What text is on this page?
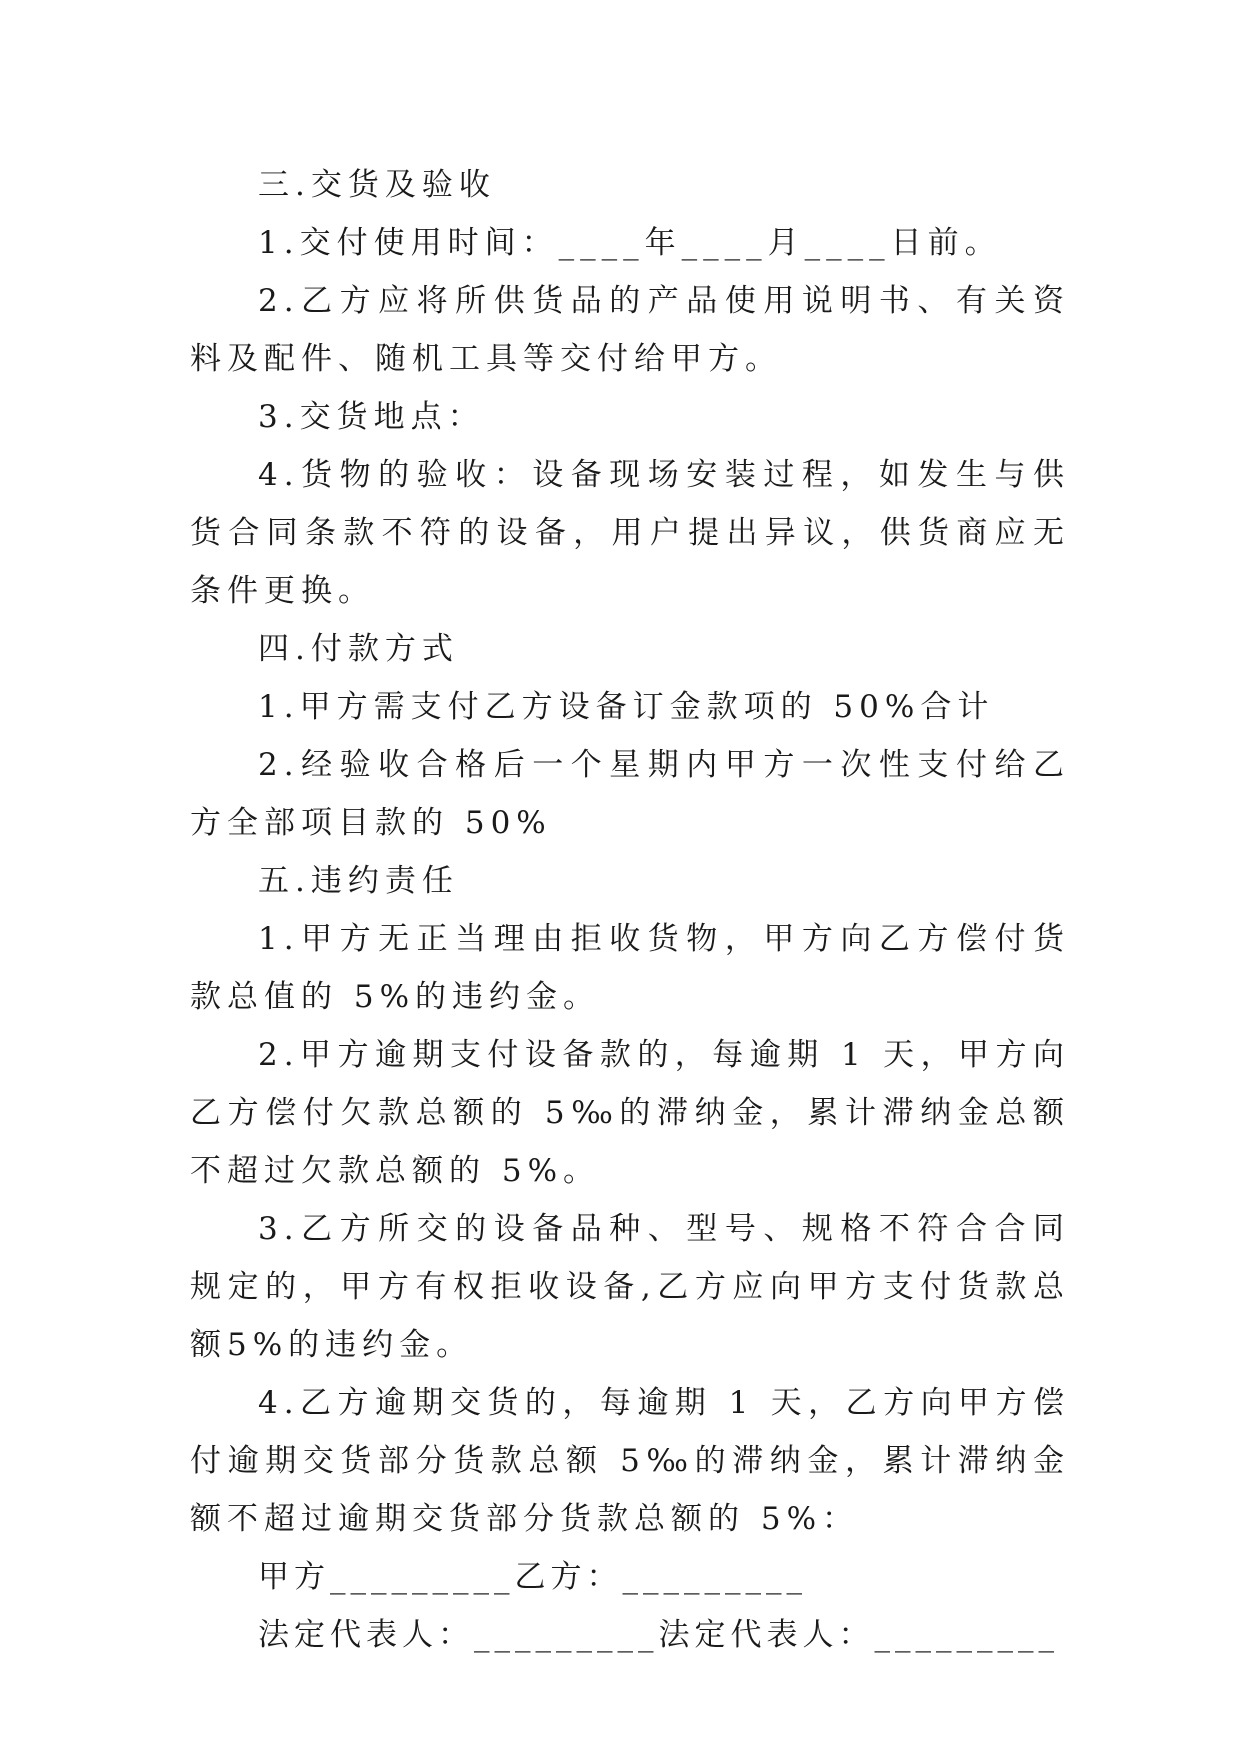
三.交货及验收

1.交付使用时间：____年____月____日前。

2.乙方应将所供货品的产品使用说明书、有关资料及配件、随机工具等交付给甲方。

3.交货地点：

4.货物的验收：设备现场安装过程，如发生与供货合同条款不符的设备，用户提出异议，供货商应无条件更换。

四.付款方式

1.甲方需支付乙方设备订金款项的 50%合计

2.经验收合格后一个星期内甲方一次性支付给乙方全部项目款的 50%

五.违约责任

1.甲方无正当理由拒收货物，甲方向乙方偿付货款总值的 5%的违约金。

2.甲方逾期支付设备款的，每逾期 1 天，甲方向乙方偿付欠款总额的 5‰的滞纳金，累计滞纳金总额不超过欠款总额的 5%。

3.乙方所交的设备品种、型号、规格不符合合同规定的，甲方有权拒收设备,乙方应向甲方支付货款总额5%的违约金。

4.乙方逾期交货的，每逾期 1 天，乙方向甲方偿付逾期交货部分货款总额 5‰的滞纳金，累计滞纳金额不超过逾期交货部分货款总额的 5%：

甲方_________乙方：_________

法定代表人：_________法定代表人：_________
